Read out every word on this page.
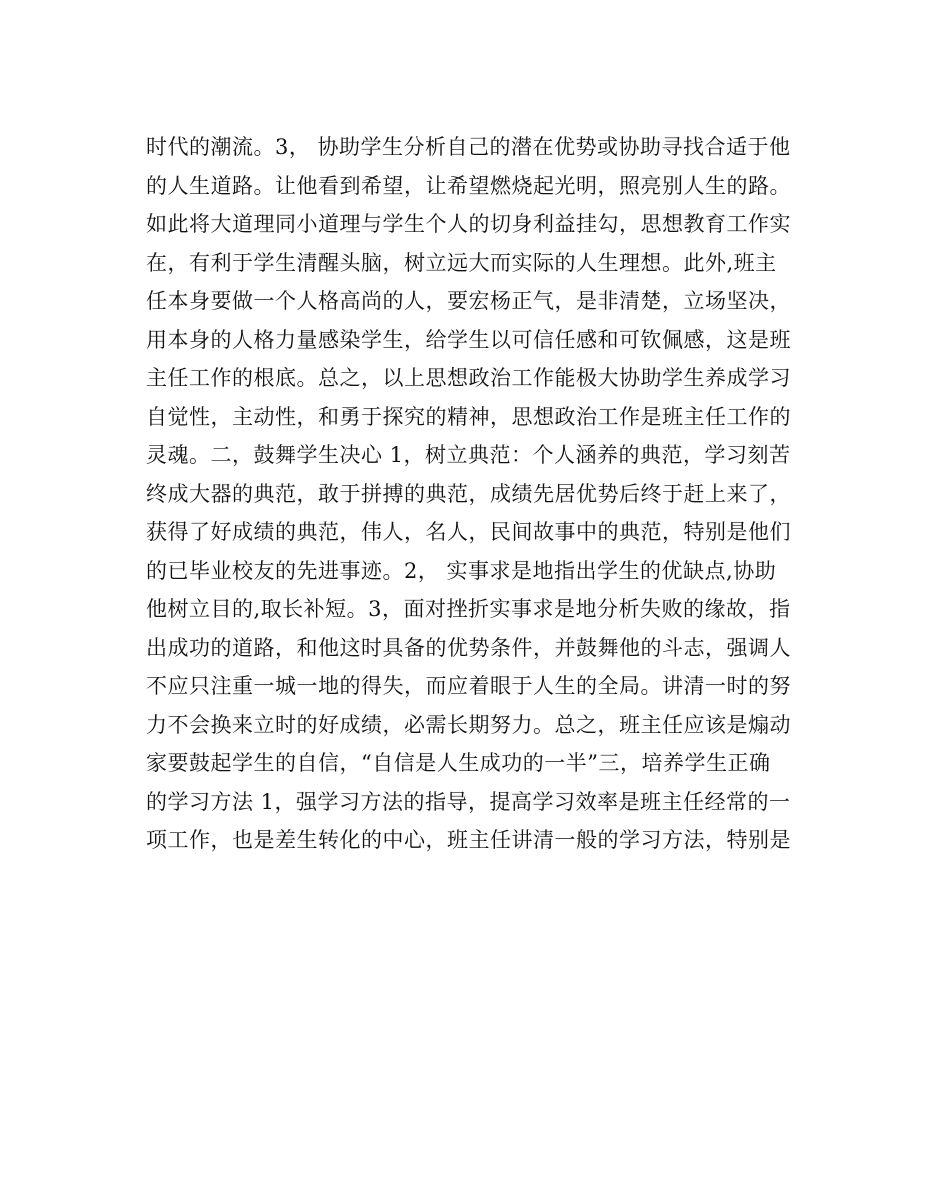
时代的潮流。3， 协助学生分析自己的潜在优势或协助寻找合适于他
的人生道路。让他看到希望，让希望燃烧起光明，照亮别人生的路。
如此将大道理同小道理与学生个人的切身利益挂勾，思想教育工作实
在，有利于学生清醒头脑，树立远大而实际的人生理想。此外,班主
任本身要做一个人格高尚的人，要宏杨正气，是非清楚，立场坚决，
用本身的人格力量感染学生，给学生以可信任感和可钦佩感，这是班
主任工作的根底。总之，以上思想政治工作能极大协助学生养成学习
自觉性，主动性，和勇于探究的精神，思想政治工作是班主任工作的
灵魂。二，鼓舞学生决心 1，树立典范：个人涵养的典范，学习刻苦
终成大器的典范，敢于拼搏的典范，成绩先居优势后终于赶上来了，
获得了好成绩的典范，伟人，名人，民间故事中的典范，特别是他们
的已毕业校友的先进事迹。2， 实事求是地指出学生的优缺点,协助
他树立目的,取长补短。3，面对挫折实事求是地分析失败的缘故，指
出成功的道路，和他这时具备的优势条件，并鼓舞他的斗志，强调人
不应只注重一城一地的得失，而应着眼于人生的全局。讲清一时的努
力不会换来立时的好成绩，必需长期努力。总之，班主任应该是煽动
家要鼓起学生的自信，“自信是人生成功的一半”三，培养学生正确
的学习方法 1，强学习方法的指导，提高学习效率是班主任经常的一
项工作，也是差生转化的中心，班主任讲清一般的学习方法，特别是
